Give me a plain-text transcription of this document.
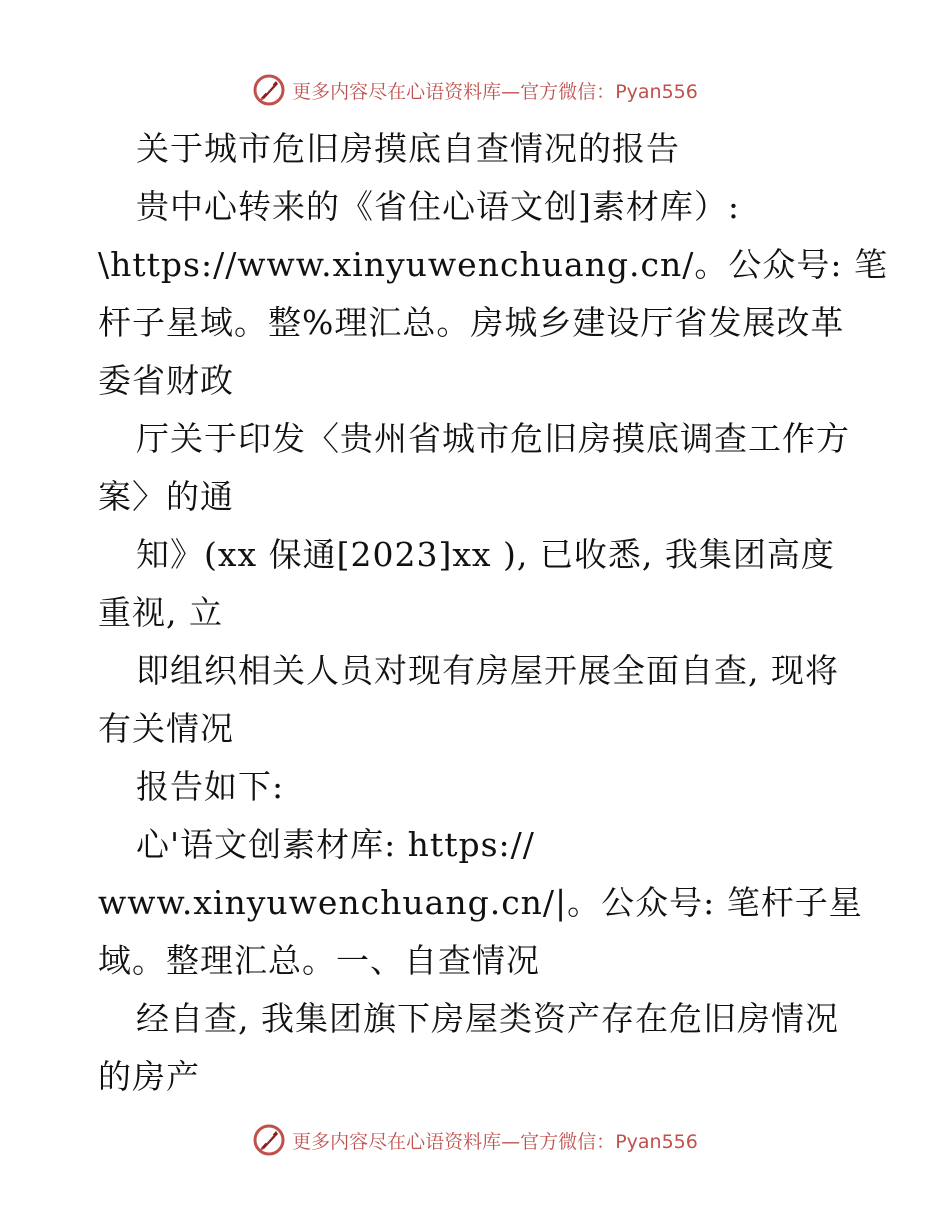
更多内容尽在心语资料库—官方微信：Pyan556
关于城市危旧房摸底自查情况的报告
贵中心转来的《省住心语文创]素材库）:
\https://www.xinyuwenchuang.cn/。公众号: 笔
杆子星域。整%理汇总。房城乡建设厅省发展改革
委省财政
厅关于印发〈贵州省城市危旧房摸底调查工作方
案〉的通
知》(xx 保通[2023]xx ), 已收悉, 我集团高度
重视, 立
即组织相关人员对现有房屋开展全面自查, 现将
有关情况
报告如下:
心'语文创素材库: https://
www.xinyuwenchuang.cn/|。公众号: 笔杆子星
域。整理汇总。一、自查情况
经自查, 我集团旗下房屋类资产存在危旧房情况
的房产
更多内容尽在心语资料库—官方微信：Pyan556
